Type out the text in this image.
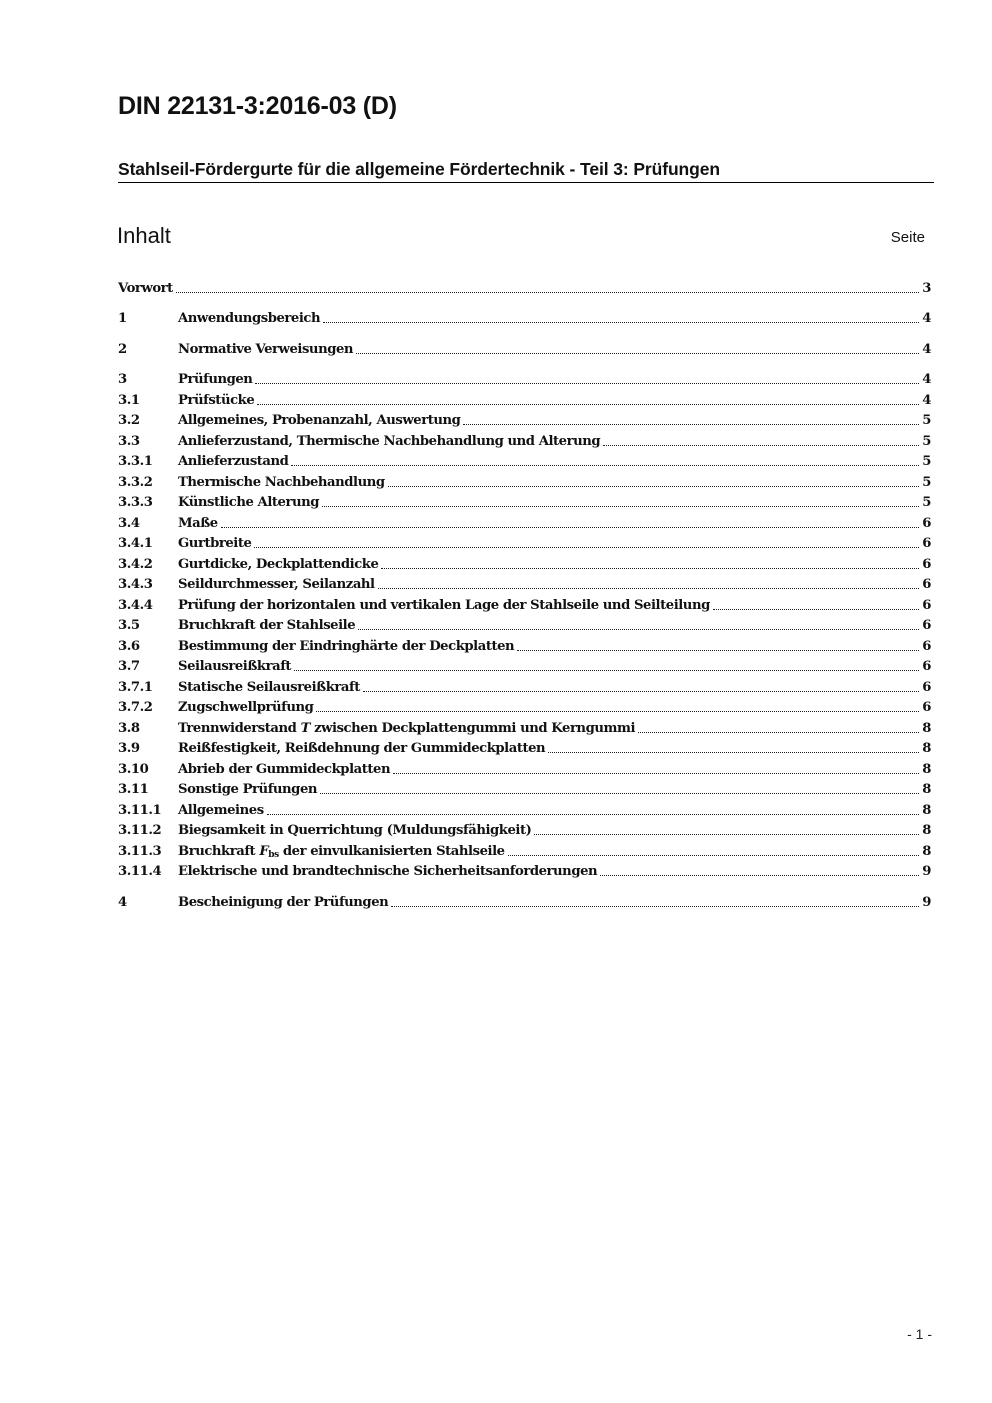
DIN 22131-3:2016-03 (D)
Stahlseil-Fördergurte für die allgemeine Fördertechnik - Teil 3: Prüfungen
Inhalt	Seite
Vorwort	3
1	Anwendungsbereich	4
2	Normative Verweisungen	4
3	Prüfungen	4
3.1	Prüfstücke	4
3.2	Allgemeines, Probenanzahl, Auswertung	5
3.3	Anlieferzustand, Thermische Nachbehandlung und Alterung	5
3.3.1	Anlieferzustand	5
3.3.2	Thermische Nachbehandlung	5
3.3.3	Künstliche Alterung	5
3.4	Maße	6
3.4.1	Gurtbreite	6
3.4.2	Gurtdicke, Deckplattendicke	6
3.4.3	Seildurchmesser, Seilanzahl	6
3.4.4	Prüfung der horizontalen und vertikalen Lage der Stahlseile und Seilteilung	6
3.5	Bruchkraft der Stahlseile	6
3.6	Bestimmung der Eindringhärte der Deckplatten	6
3.7	Seilausreißkraft	6
3.7.1	Statische Seilausreißkraft	6
3.7.2	Zugschwellprüfung	6
3.8	Trennwiderstand T zwischen Deckplattengummi und Kerngummi	8
3.9	Reißfestigkeit, Reißdehnung der Gummideckplatten	8
3.10	Abrieb der Gummideckplatten	8
3.11	Sonstige Prüfungen	8
3.11.1	Allgemeines	8
3.11.2	Biegsamkeit in Querrichtung (Muldungsfähigkeit)	8
3.11.3	Bruchkraft $F_{bs}$ der einvulkanisierten Stahlseile	8
3.11.4	Elektrische und brandtechnische Sicherheitsanforderungen	9
4	Bescheinigung der Prüfungen	9
- 1 -
